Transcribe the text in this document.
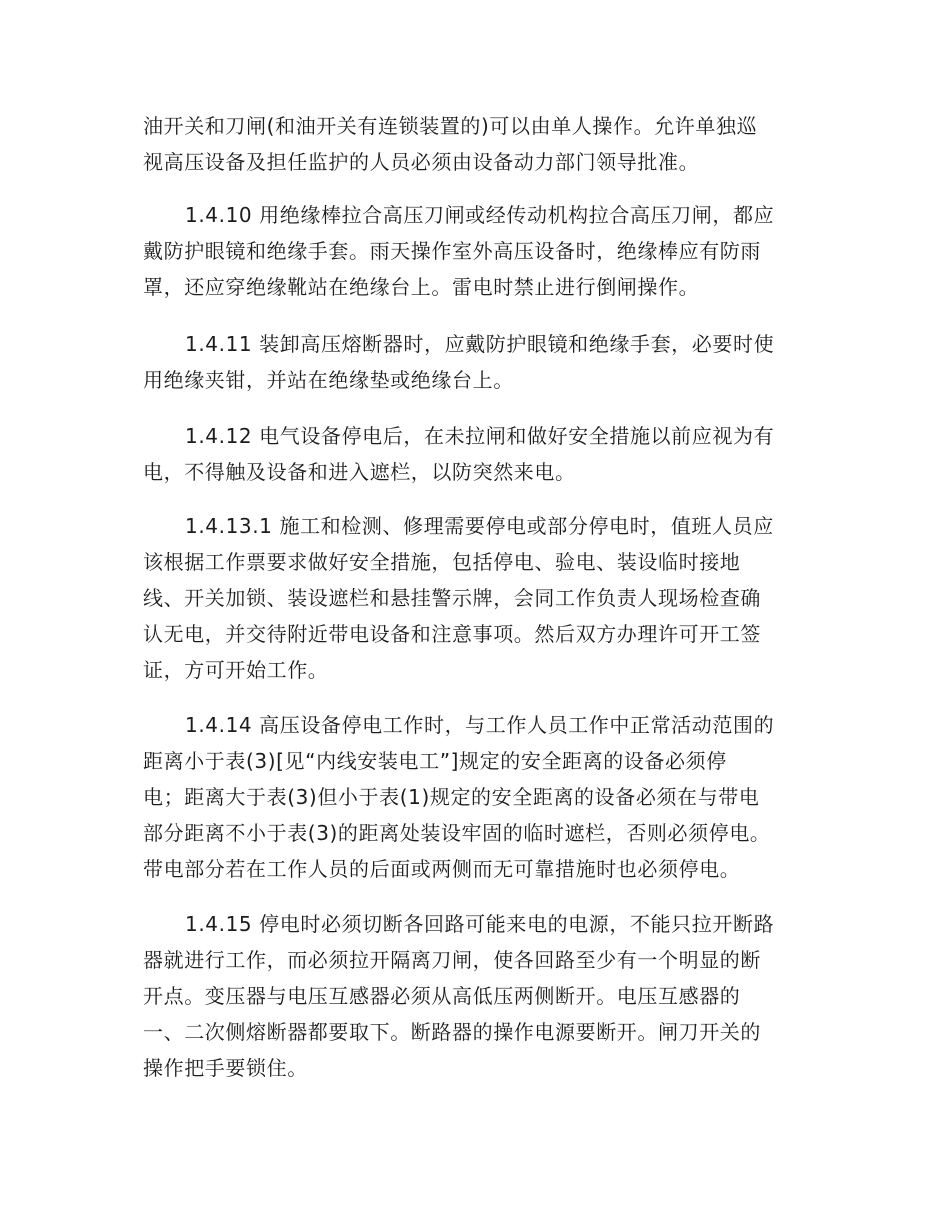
油开关和刀闸(和油开关有连锁装置的)可以由单人操作。允许单独巡
视高压设备及担任监护的人员必须由设备动力部门领导批准。

1.4.10 用绝缘棒拉合高压刀闸或经传动机构拉合高压刀闸，都应
戴防护眼镜和绝缘手套。雨天操作室外高压设备时，绝缘棒应有防雨
罩，还应穿绝缘靴站在绝缘台上。雷电时禁止进行倒闸操作。

1.4.11 装卸高压熔断器时，应戴防护眼镜和绝缘手套，必要时使
用绝缘夹钳，并站在绝缘垫或绝缘台上。

1.4.12 电气设备停电后，在未拉闸和做好安全措施以前应视为有
电，不得触及设备和进入遮栏，以防突然来电。

1.4.13.1 施工和检测、修理需要停电或部分停电时，值班人员应
该根据工作票要求做好安全措施，包括停电、验电、装设临时接地
线、开关加锁、装设遮栏和悬挂警示牌，会同工作负责人现场检查确
认无电，并交待附近带电设备和注意事项。然后双方办理许可开工签
证，方可开始工作。

1.4.14 高压设备停电工作时，与工作人员工作中正常活动范围的
距离小于表(3)[见“内线安装电工”]规定的安全距离的设备必须停
电；距离大于表(3)但小于表(1)规定的安全距离的设备必须在与带电
部分距离不小于表(3)的距离处装设牢固的临时遮栏，否则必须停电。
带电部分若在工作人员的后面或两侧而无可靠措施时也必须停电。

1.4.15 停电时必须切断各回路可能来电的电源，不能只拉开断路
器就进行工作，而必须拉开隔离刀闸，使各回路至少有一个明显的断
开点。变压器与电压互感器必须从高低压两侧断开。电压互感器的
一、二次侧熔断器都要取下。断路器的操作电源要断开。闸刀开关的
操作把手要锁住。
